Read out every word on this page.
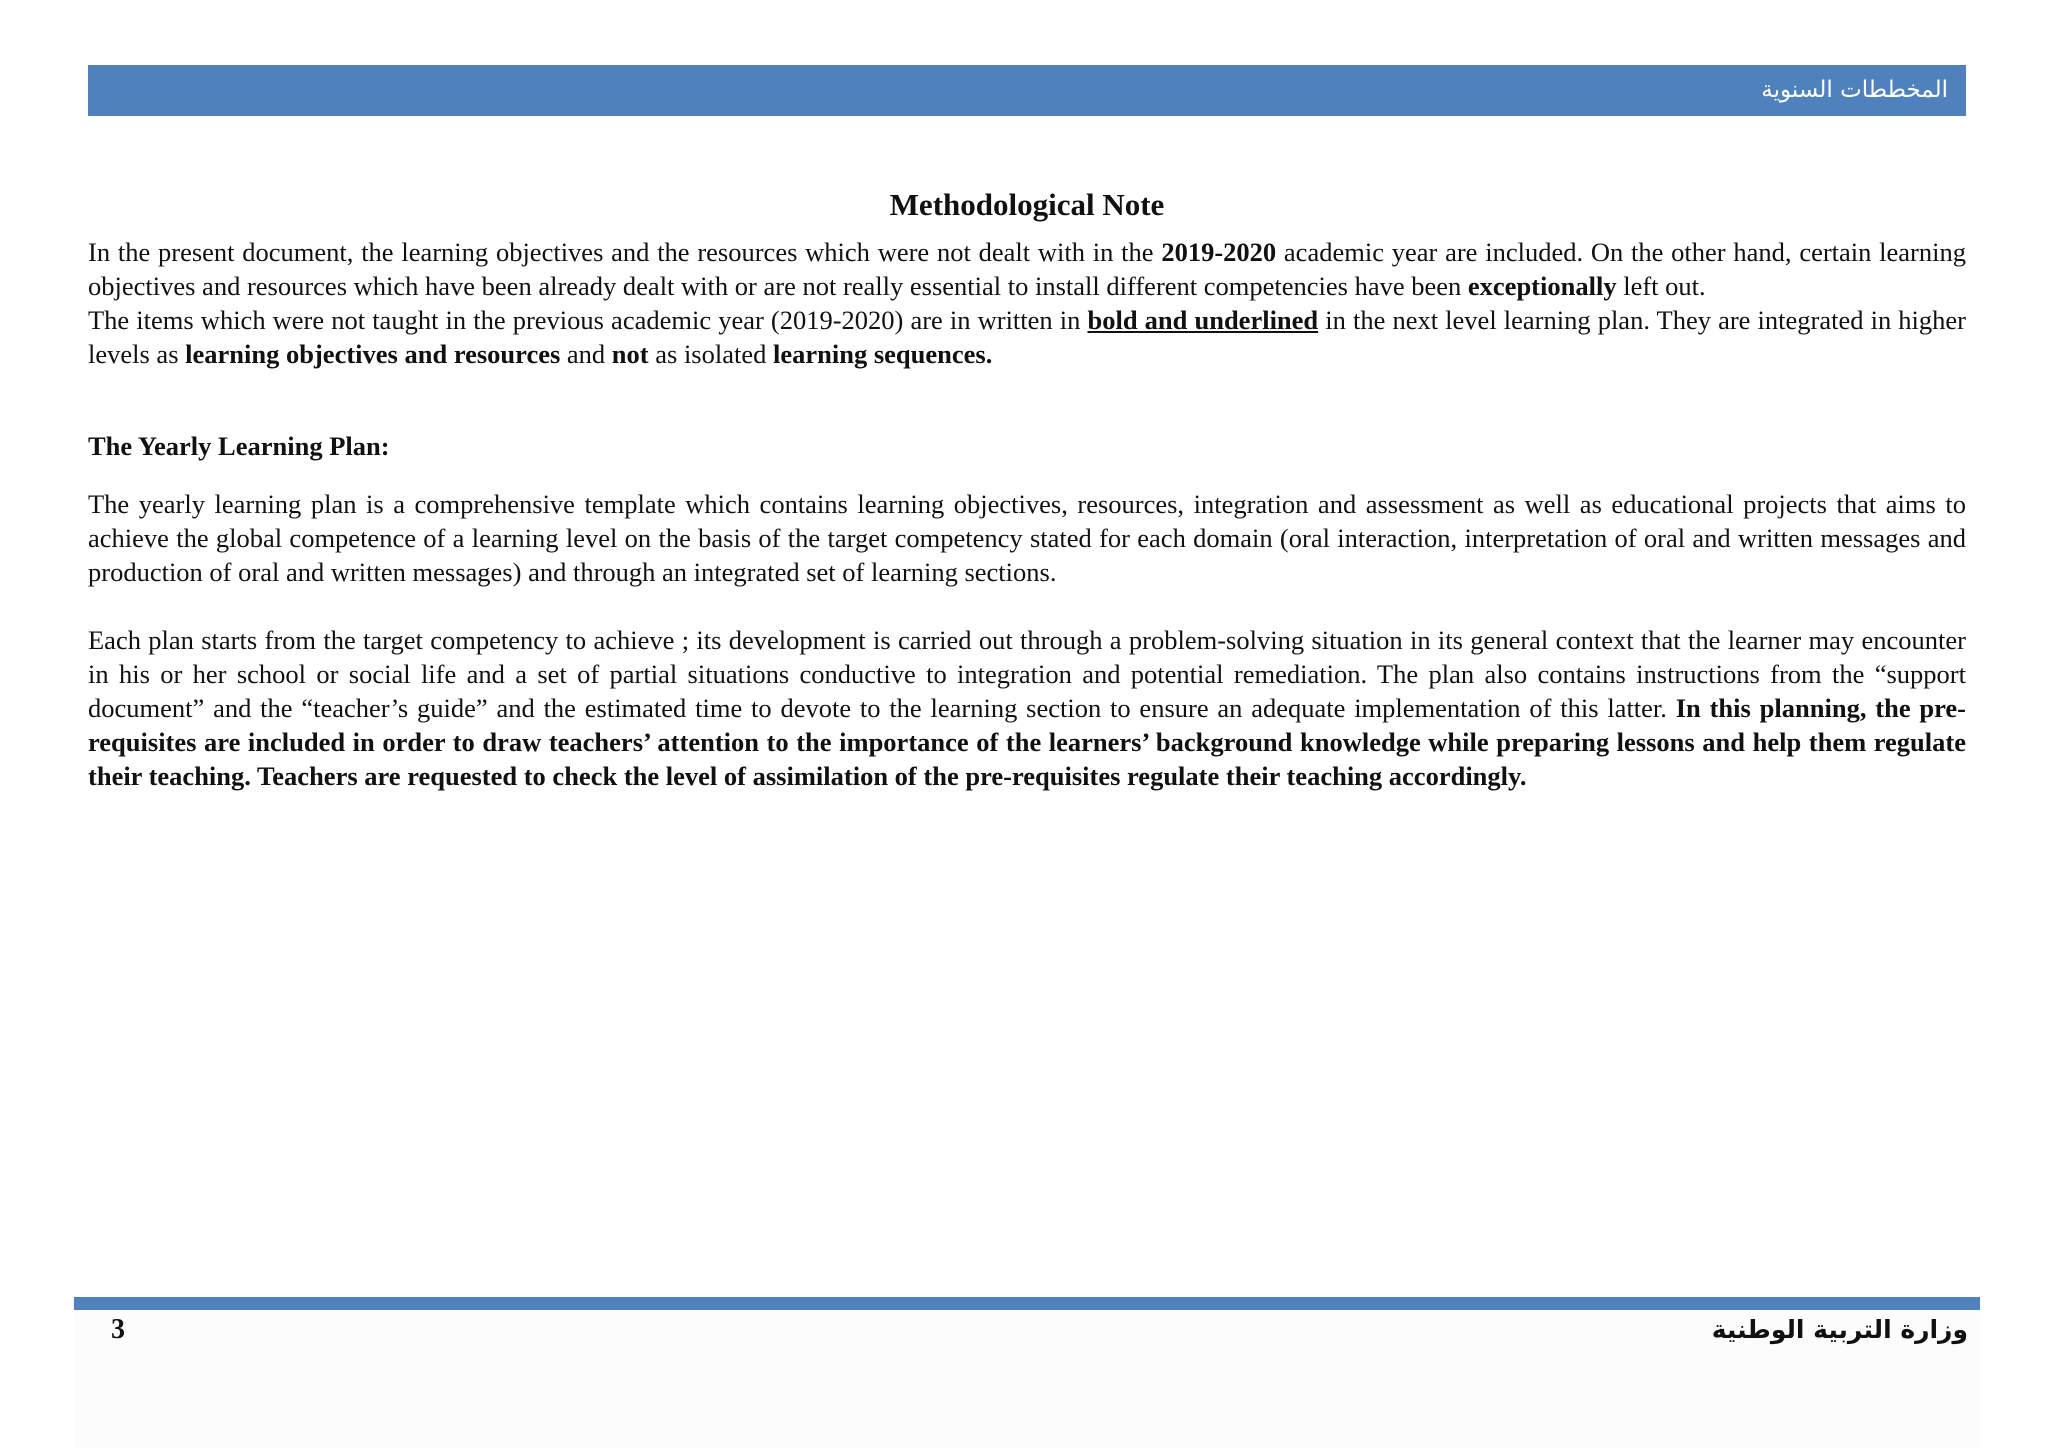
المخططات السنوية
Methodological Note

In the present document, the learning objectives and the resources which were not dealt with in the 2019-2020 academic year are included. On the other hand, certain learning objectives and resources which have been already dealt with or are not really essential to install different competencies have been exceptionally left out.

The items which were not taught in the previous academic year (2019-2020) are in written in bold and underlined in the next level learning plan. They are integrated in higher levels as learning objectives and resources and not as isolated learning sequences.

The Yearly Learning Plan:

The yearly learning plan is a comprehensive template which contains learning objectives, resources, integration and assessment as well as educational projects that aims to achieve the global competence of a learning level on the basis of the target competency stated for each domain (oral interaction, interpretation of oral and written messages and production of oral and written messages) and through an integrated set of learning sections.

Each plan starts from the target competency to achieve ; its development is carried out through a problem-solving situation in its general context that the learner may encounter in his or her school or social life and a set of partial situations conductive to integration and potential remediation. The plan also contains instructions from the “support document” and the “teacher’s guide” and the estimated time to devote to the learning section to ensure an adequate implementation of this latter. In this planning, the pre-requisites are included in order to draw teachers’ attention to the importance of the learners’ background knowledge while preparing lessons and help them regulate their teaching. Teachers are requested to check the level of assimilation of the pre-requisites regulate their teaching accordingly.

3	وزارة التربية الوطنية
